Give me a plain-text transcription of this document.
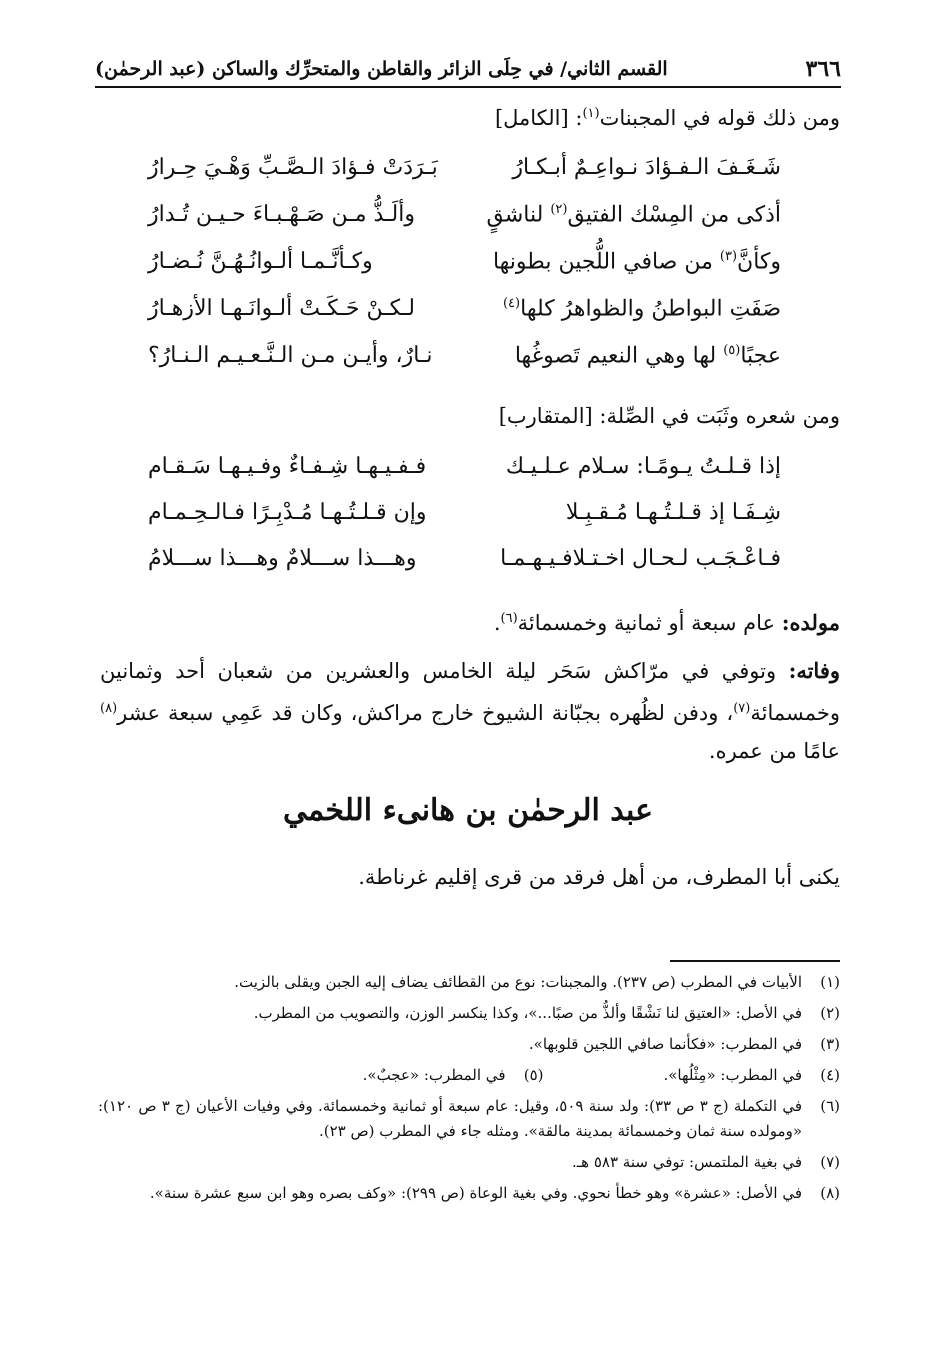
٣٦٦
القسم الثاني/ في حِلَى الزائر والقاطن والمتحرِّك والساكن (عبد الرحمٰن)
ومن ذلك قوله في المجبنات$^{(١)}$: [الكامل]
شَـغَـفَ الـفـؤادَ نـواعِـمٌ أبـكـارُ
بَـرَدَتْ فـؤادَ الـصَّـبِّ وَهْـيَ حِـرارُ
أذكى من المِسْك الفتيق$^{(٢)}$ لناشقٍ
وألَـذُّ مـن صَـهْـبـاءَ حـيـن تُـدارُ
وكأنَّ$^{(٣)}$ من صافي اللُّجين بطونها
وكـأنَّـمـا ألـوانُـهُـنَّ نُـضـارُ
صَفَتِ البواطنُ والظواهرُ كلها$^{(٤)}$
لـكـنْ حَـكَـتْ ألـوانَـهـا الأزهـارُ
عجبًا$^{(٥)}$ لها وهي النعيم تَصوغُها
نـارٌ، وأيـن مـن الـنَّـعـيـم الـنـارُ؟
ومن شعره وثَبَت في الصِّلة: [المتقارب]
إذا قـلـتُ يـومًـا: سـلام عـلـيـك
فـفـيـهـا شِـفـاءٌ وفـيـهـا سَـقـام
شِـفَـا إذ قـلـتُـهـا مُـقـبِـلا
وإن قـلـتُـهـا مُـدْبِـرًا فـالـحِـمـام
فـاعْـجَـب لـحـال اخـتـلافـيـهـمـا
وهـــذا ســـلامٌ وهـــذا ســـلامُ
مولده: عام سبعة أو ثمانية وخمسمائة$^{(٦)}$.
وفاته: وتوفي في مرّاكش سَحَر ليلة الخامس والعشرين من شعبان أحد وثمانين وخمسمائة$^{(٧)}$، ودفن لظُهره بجبّانة الشيوخ خارج مراكش، وكان قد عَمِي سبعة عشر$^{(٨)}$ عامًا من عمره.
عبد الرحمٰن بن هانىء اللخمي
يكنى أبا المطرف، من أهل فرقد من قرى إقليم غرناطة.
(١)
الأبيات في المطرب (ص ٢٣٧). والمجبنات: نوع من القطائف يضاف إليه الجبن ويقلى بالزيت.
(٢)
في الأصل: «العتيق لنا نَشْقًا وألذُّ من صبًا...»، وكذا ينكسر الوزن، والتصويب من المطرب.
(٣)
في المطرب: «فكأنما صافي اللجين قلوبها».
(٤)
في المطرب: «مِثْلُها».
(٥)
في المطرب: «عجبٌ».
(٦)
في التكملة (ج ٣ ص ٣٣): ولد سنة ٥٠٩، وقيل: عام سبعة أو ثمانية وخمسمائة. وفي وفيات الأعيان (ج ٣ ص ١٢٠): «ومولده سنة ثمان وخمسمائة بمدينة مالقة». ومثله جاء في المطرب (ص ٢٣).
(٧)
في بغية الملتمس: توفي سنة ٥٨٣ هـ.
(٨)
في الأصل: «عشرة» وهو خطأ نحوي. وفي بغية الوعاة (ص ٢٩٩): «وكف بصره وهو ابن سبع عشرة سنة».
